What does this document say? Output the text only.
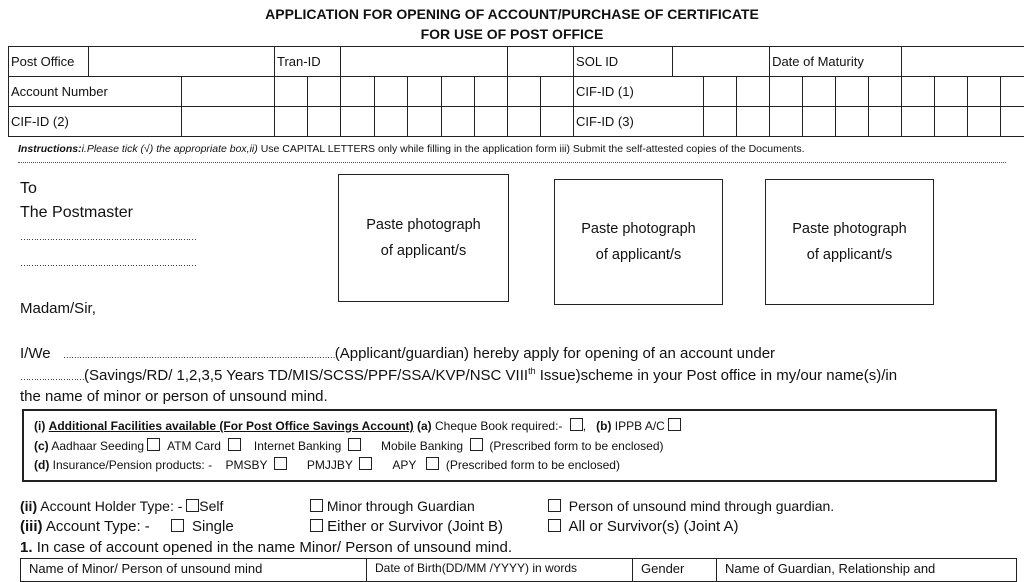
APPLICATION FOR OPENING OF ACCOUNT/PURCHASE OF CERTIFICATE
FOR USE OF POST OFFICE
Post Office			Tran-ID									SOL ID				Date of Maturity								
Account Number												CIF-ID (1)												
CIF-ID (2)												CIF-ID (3)												
Instructions:i.Please tick (√) the appropriate box,ii) Use CAPITAL LETTERS only while filling in the application form iii) Submit the self-attested copies of the Documents.
To
The Postmaster
…………………………………………………………
…………………………………………………………
Paste photograph
of applicant/s
Paste photograph
of applicant/s
Paste photograph
of applicant/s
Madam/Sir,
I/We …………………………………………………………………………………………(Applicant/guardian) hereby apply for opening of an account under
……………………(Savings/RD/ 1,2,3,5 Years TD/MIS/SCSS/PPF/SSA/KVP/NSC VIIIth Issue)scheme in your Post office in my/our name(s)/in
the name of minor or person of unsound mind.
(i) Additional Facilities available (For Post Office Savings Account) (a) Cheque Book required:- , (b) IPPB A/C
(c) Aadhaar Seeding ATM Card	Internet Banking	Mobile Banking (Prescribed form to be enclosed)
(d) Insurance/Pension products: - PMSBY	PMJJBY	APY (Prescribed form to be enclosed)
(ii) Account Holder Type: - Self	Minor through Guardian	Person of unsound mind through guardian.
(iii) Account Type: -	Single	Either or Survivor (Joint B)	All or Survivor(s) (Joint A)
1. In case of account opened in the name Minor/ Person of unsound mind.
Name of Minor/ Person of unsound mind	Date of Birth(DD/MM /YYYY) in words	Gender	Name of Guardian, Relationship and
